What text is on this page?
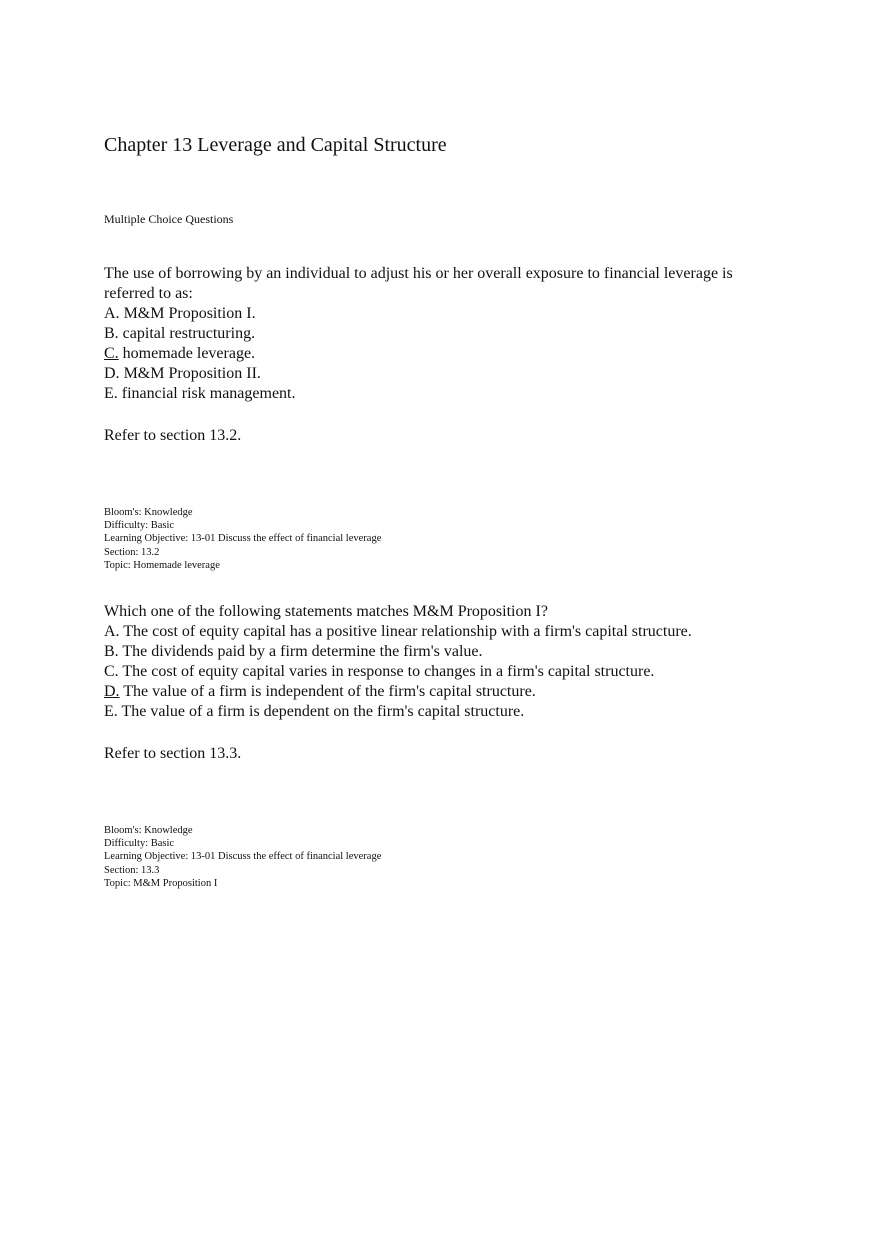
Chapter 13 Leverage and Capital Structure
Multiple Choice Questions
The use of borrowing by an individual to adjust his or her overall exposure to financial leverage is referred to as:
A. M&M Proposition I.
B. capital restructuring.
C. homemade leverage.
D. M&M Proposition II.
E. financial risk management.
Refer to section 13.2.
Bloom's: Knowledge
Difficulty: Basic
Learning Objective: 13-01 Discuss the effect of financial leverage
Section: 13.2
Topic: Homemade leverage
Which one of the following statements matches M&M Proposition I?
A. The cost of equity capital has a positive linear relationship with a firm's capital structure.
B. The dividends paid by a firm determine the firm's value.
C. The cost of equity capital varies in response to changes in a firm's capital structure.
D. The value of a firm is independent of the firm's capital structure.
E. The value of a firm is dependent on the firm's capital structure.
Refer to section 13.3.
Bloom's: Knowledge
Difficulty: Basic
Learning Objective: 13-01 Discuss the effect of financial leverage
Section: 13.3
Topic: M&M Proposition I
